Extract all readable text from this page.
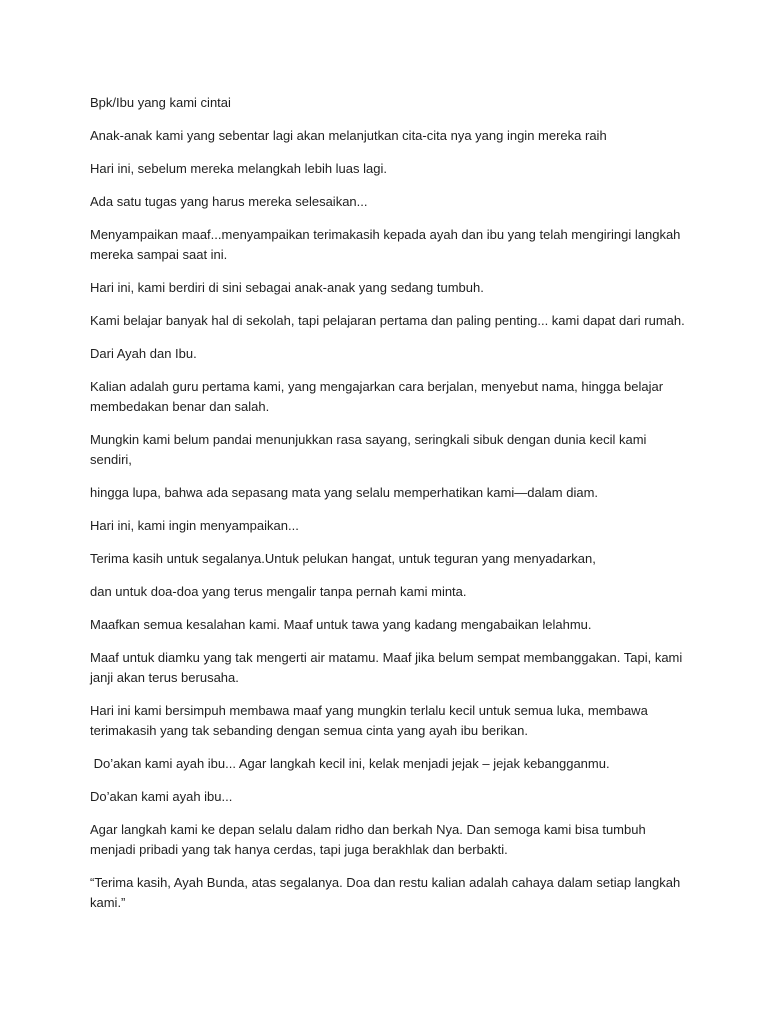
Bpk/Ibu yang kami cintai

Anak-anak kami yang sebentar lagi akan melanjutkan cita-cita nya yang ingin mereka raih

Hari ini, sebelum mereka melangkah lebih luas lagi.

Ada satu tugas yang harus mereka selesaikan...

Menyampaikan maaf...menyampaikan terimakasih kepada ayah dan ibu yang telah mengiringi langkah mereka sampai saat ini.

Hari ini, kami berdiri di sini sebagai anak-anak yang sedang tumbuh.

Kami belajar banyak hal di sekolah, tapi pelajaran pertama dan paling penting... kami dapat dari rumah.

Dari Ayah dan Ibu.

Kalian adalah guru pertama kami, yang mengajarkan cara berjalan, menyebut nama, hingga belajar membedakan benar dan salah.

Mungkin kami belum pandai menunjukkan rasa sayang, seringkali sibuk dengan dunia kecil kami sendiri,

hingga lupa, bahwa ada sepasang mata yang selalu memperhatikan kami—dalam diam.

Hari ini, kami ingin menyampaikan...

Terima kasih untuk segalanya.Untuk pelukan hangat, untuk teguran yang menyadarkan,

dan untuk doa-doa yang terus mengalir tanpa pernah kami minta.

Maafkan semua kesalahan kami. Maaf untuk tawa yang kadang mengabaikan lelahmu.

Maaf untuk diamku yang tak mengerti air matamu. Maaf jika belum sempat membanggakan. Tapi, kami janji akan terus berusaha.

Hari ini kami bersimpuh membawa maaf yang mungkin terlalu kecil untuk semua luka, membawa terimakasih yang tak sebanding dengan semua cinta yang ayah ibu berikan.

Do’akan kami ayah ibu... Agar langkah kecil ini, kelak menjadi jejak – jejak kebangganmu.

Do’akan kami ayah ibu...

Agar langkah kami ke depan selalu dalam ridho dan berkah Nya. Dan semoga kami bisa tumbuh menjadi pribadi yang tak hanya cerdas, tapi juga berakhlak dan berbakti.

“Terima kasih, Ayah Bunda, atas segalanya. Doa dan restu kalian adalah cahaya dalam setiap langkah kami.”
